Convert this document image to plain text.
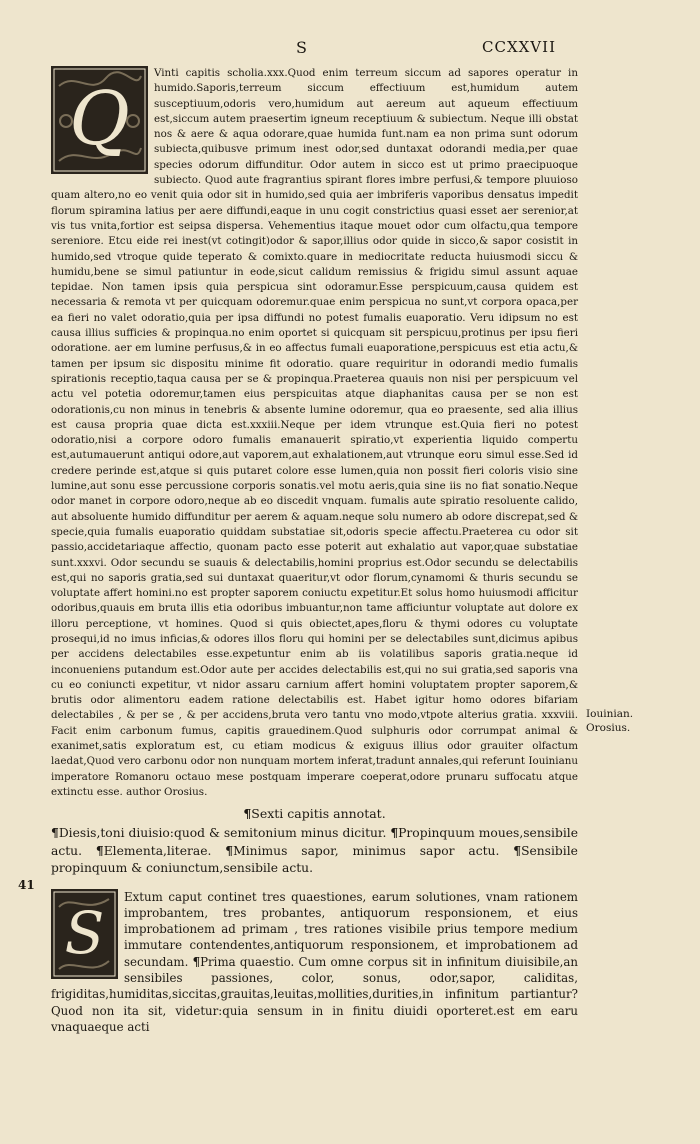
S	CCXXVII
Q

Vinti capitis scholia.xxx.Quod enim terreum siccum ad sapores operatur in humido.Saporis,terreum siccum effectiuum est,humidum autem susceptiuum,odoris vero,humidum aut aereum aut aqueum effectiuum est,siccum autem praesertim igneum receptiuum & subiectum. Neque illi obstat nos & aere & aqua odorare,quae humida funt.nam ea non prima sunt odorum subiecta,quibusve primum inest odor,sed duntaxat odorandi media,per quae species odorum diffunditur. Odor autem in sicco est ut primo praecipuoque subiecto. Quod aute fragrantius spirant flores imbre perfusi,& tempore pluuioso quam altero,no eo venit quia odor sit in humido,sed quia aer imbriferis vaporibus densatus impedit florum spiramina latius per aere diffundi,eaque in unu cogit constrictius quasi esset aer serenior,at vis tus vnita,fortior est seipsa dispersa. Vehementius itaque mouet odor cum olfactu,qua tempore sereniore. Etcu eide rei inest(vt cotingit)odor & sapor,illius odor quide in sicco,& sapor cosistit in humido,sed vtroque quide teperato & comixto.quare in mediocritate reducta huiusmodi siccu & humidu,bene se simul patiuntur in eode,sicut calidum remissius & frigidu simul assunt aquae tepidae. Non tamen ipsis quia perspicua sint odoramur.Esse perspicuum,causa quidem est necessaria & remota vt per quicquam odoremur.quae enim perspicua no sunt,vt corpora opaca,per ea fieri no valet odoratio,quia per ipsa diffundi no potest fumalis euaporatio. Veru idipsum no est causa illius sufficies & propinqua.no enim oportet si quicquam sit perspicuu,protinus per ipsu fieri odoratione. aer em lumine perfusus,& in eo affectus fumali euaporatione,perspicuus est etia actu,& tamen per ipsum sic dispositu minime fit odoratio. quare requiritur in odorandi medio fumalis spirationis receptio,taqua causa per se & propinqua.Praeterea quauis non nisi per perspicuum vel actu vel potetia odoremur,tamen eius perspicuitas atque diaphanitas causa per se non est odorationis,cu non minus in tenebris & absente lumine odoremur, qua eo praesente, sed alia illius est causa propria quae dicta est.xxxiii.Neque per idem vtrunque est.Quia fieri no potest odoratio,nisi a corpore odoro fumalis emanauerit spiratio,vt experientia liquido compertu est,autumauerunt antiqui odore,aut vaporem,aut exhalationem,aut vtrunque eoru simul esse.Sed id credere perinde est,atque si quis putaret colore esse lumen,quia non possit fieri coloris visio sine lumine,aut sonu esse percussione corporis sonatis.vel motu aeris,quia sine iis no fiat sonatio.Neque odor manet in corpore odoro,neque ab eo discedit vnquam. fumalis aute spiratio resoluente calido, aut absoluente humido diffunditur per aerem & aquam.neque solu numero ab odore discrepat,sed & specie,quia fumalis euaporatio quiddam substatiae sit,odoris specie affectu.Praeterea cu odor sit passio,accidetariaque affectio, quonam pacto esse poterit aut exhalatio aut vapor,quae substatiae sunt.xxxvi. Odor secundu se suauis & delectabilis,homini proprius est.Odor secundu se delectabilis est,qui no saporis gratia,sed sui duntaxat quaeritur,vt odor florum,cynamomi & thuris secundu se voluptate affert homini.no est propter saporem coniuctu expetitur.Et solus homo huiusmodi afficitur odoribus,quauis em bruta illis etia odoribus imbuantur,non tame afficiuntur voluptate aut dolore ex illoru perceptione, vt homines. Quod si quis obiectet,apes,floru & thymi odores cu voluptate prosequi,id no imus inficias,& odores illos floru qui homini per se delectabiles sunt,dicimus apibus per accidens delectabiles esse.expetuntur enim ab iis volatilibus saporis gratia.neque id inconueniens putandum est.Odor aute per accides delectabilis est,qui no sui gratia,sed saporis vna cu eo coniuncti expetitur, vt nidor assaru carnium affert homini voluptatem propter saporem,& brutis odor alimentoru eadem ratione delectabilis est. Habet igitur homo odores bifariam delectabiles , & per se , & per accidens,bruta vero tantu vno modo,vtpote alterius gratia. xxxviii. Facit enim carbonum fumus, capitis grauedinem.Quod sulphuris odor corrumpat animal & exanimet,satis exploratum est, cu etiam modicus & exiguus illius odor grauiter olfactum laedat,Quod vero carbonu odor non nunquam mortem inferat,tradunt annales,qui referunt Iouinianu imperatore Romanoru octauo mese postquam imperare coeperat,odore prunaru suffocatu atque extinctu esse. author Orosius.

¶Sexti capitis annotat.
¶Diesis,toni diuisio:quod & semitonium minus dicitur. ¶Propinquum moues,sensibile actu. ¶Elementa,literae. ¶Minimus sapor, minimus sapor actu. ¶Sensibile propinquum & coniunctum,sensibile actu.
S

Extum caput continet tres quaestiones, earum solutiones, vnam rationem improbantem, tres probantes, antiquorum responsionem, et eius improbationem ad primam , tres rationes visibile prius tempore medium immutare contendentes,antiquorum responsionem, et improbationem ad secundam. ¶Prima quaestio. Cum omne corpus sit in infinitum diuisibile,an sensibiles passiones, color, sonus, odor,sapor, caliditas, frigiditas,humiditas,siccitas,grauitas,leuitas,mollities,durities,in infinitum partiantur? Quod non ita sit, videtur:quia sensum in in finitu diuidi oporteret.est em earu vnaquaeque acti

Iouinian.
Orosius.
41
